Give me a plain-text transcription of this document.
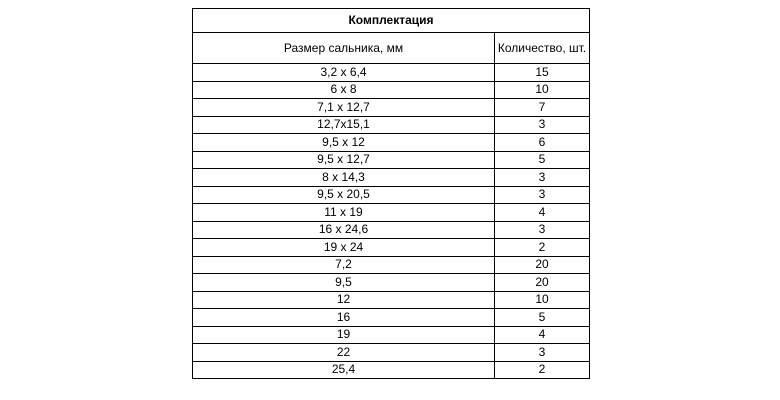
Комплектация	
Размер сальника, мм	Количество, шт.
3,2 х 6,4	15
6 х 8	10
7,1 х 12,7	7
12,7х15,1	3
9,5 х 12	6
9,5 х 12,7	5
8 х 14,3	3
9,5 х 20,5	3
11 х 19	4
16 х 24,6	3
19 х 24	2
7,2	20
9,5	20
12	10
16	5
19	4
22	3
25,4	2
